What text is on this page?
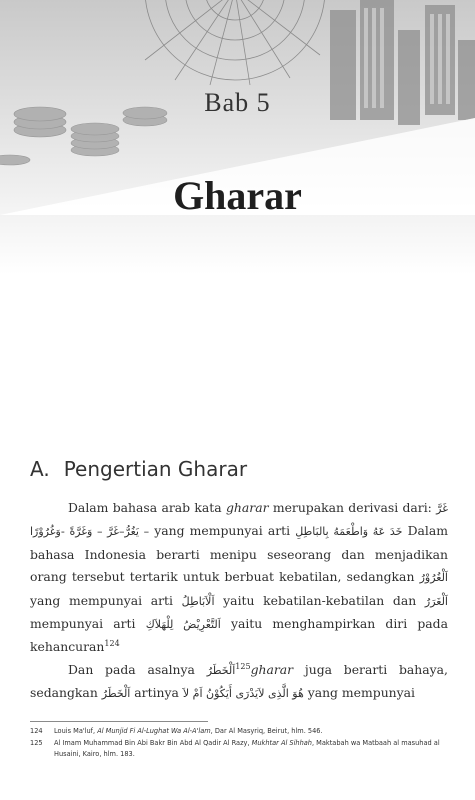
Bab 5
Gharar
A. Pengertian Gharar

Dalam bahasa arab kata gharar merupakan derivasi dari: غَرَّ – يَغُرُّ–غَرَّ – وَغَرَّةً -وَغُرُوْرًا yang mempunyai arti خَدَ عَهُ وَاطْعَمَهُ بِالبَاطِلِ Dalam bahasa Indonesia berarti menipu seseorang dan menjadikan orang tersebut tertarik untuk berbuat kebatilan, sedangkan اَلْغُرُوْرُ yang mempunyai arti اَلْاَبَاطِلُ yaitu kebatilan-kebatilan dan اَلْغَرَرُ mempunyai arti اَلتَّعْرِيْضُ لِلْهَلاَكِ yaitu menghampirkan diri pada kehancuran$^{124}$

Dan pada asalnya اَلْخَطَرُ$^{125}$gharar juga berarti bahaya, sedangkan اَلْخَطَرُ artinya هُوَ الَّذِى لاَيَدْرَى أَيَكُوْنُ اَمْ لاَ yang mempunyai

124	Louis Ma'luf, Al Munjid Fi Al-Lughat Wa Al-A'lam, Dar Al Masyriq, Beirut, hlm. 546.
125	Al Imam Muhammad Bin Abi Bakr Bin Abd Al Qadir Al Razy, Mukhtar Al Sihhah, Maktabah wa Matbaah al masuhad al Husaini, Kairo, hlm. 183.
